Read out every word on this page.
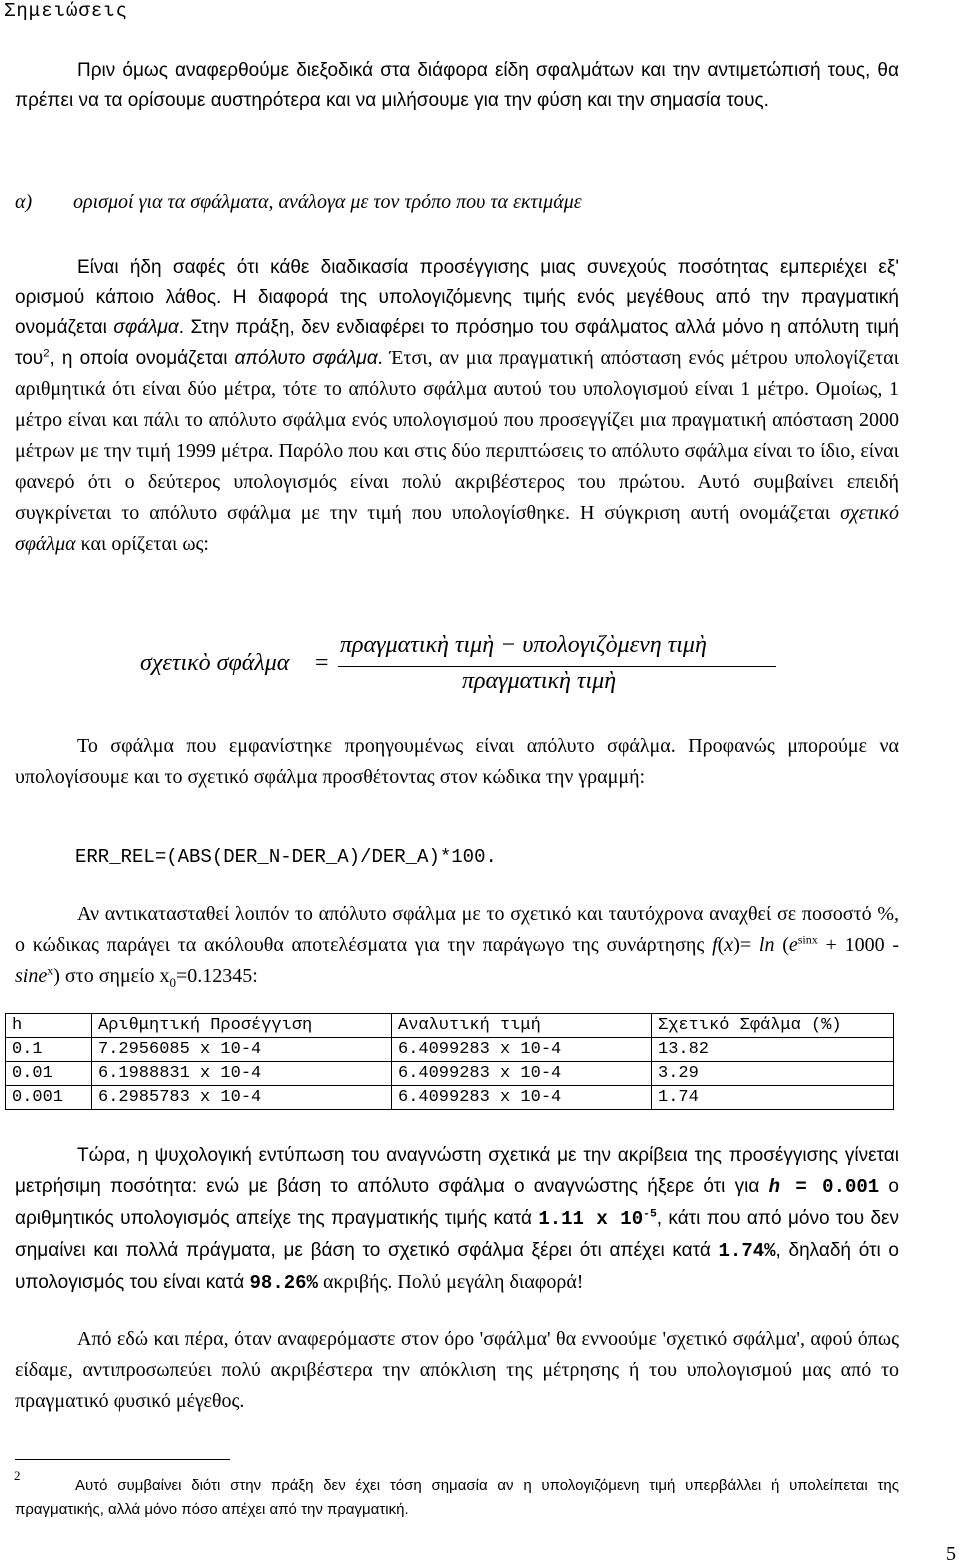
Σημειώσεις

Πριν όμως αναφερθούμε διεξοδικά στα διάφορα είδη σφαλμάτων και την αντιμετώπισή τους, θα πρέπει να τα ορίσουμε αυστηρότερα και να μιλήσουμε για την φύση και την σημασία τους.

α) ορισμοί για τα σφάλματα, ανάλογα με τον τρόπο που τα εκτιμάμε

Είναι ήδη σαφές ότι κάθε διαδικασία προσέγγισης μιας συνεχούς ποσότητας εμπεριέχει εξ' ορισμού κάποιο λάθος. Η διαφορά της υπολογιζόμενης τιμής ενός μεγέθους από την πραγματική ονομάζεται σφάλμα. Στην πράξη, δεν ενδιαφέρει το πρόσημο του σφάλματος αλλά μόνο η απόλυτη τιμή του$^2$, η οποία ονομάζεται απόλυτο σφάλμα. Έτσι, αν μια πραγματική απόσταση ενός μέτρου υπολογίζεται αριθμητικά ότι είναι δύο μέτρα, τότε το απόλυτο σφάλμα αυτού του υπολογισμού είναι 1 μέτρο. Ομοίως, 1 μέτρο είναι και πάλι το απόλυτο σφάλμα ενός υπολογισμού που προσεγγίζει μια πραγματική απόσταση 2000 μέτρων με την τιμή 1999 μέτρα. Παρόλο που και στις δύο περιπτώσεις το απόλυτο σφάλμα είναι το ίδιο, είναι φανερό ότι ο δεύτερος υπολογισμός είναι πολύ ακριβέστερος του πρώτου. Αυτό συμβαίνει επειδή συγκρίνεται το απόλυτο σφάλμα με την τιμή που υπολογίσθηκε. Η σύγκριση αυτή ονομάζεται σχετικό σφάλμα και ορίζεται ως:

σχετικὸ σφάλμα =
πραγματικὴ τιμὴ − υπολογιζὸμενη τιμὴ
πραγματικὴ τιμὴ

Το σφάλμα που εμφανίστηκε προηγουμένως είναι απόλυτο σφάλμα. Προφανώς μπορούμε να υπολογίσουμε και το σχετικό σφάλμα προσθέτοντας στον κώδικα την γραμμή:

ERR_REL=(ABS(DER_N-DER_A)/DER_A)*100.

Αν αντικατασταθεί λοιπόν το απόλυτο σφάλμα με το σχετικό και ταυτόχρονα αναχθεί σε ποσοστό %, ο κώδικας παράγει τα ακόλουθα αποτελέσματα για την παράγωγο της συνάρτησης $f(x)= \ln (e^{sinx} + 1000 - \sin e^x)$ στο σημείο $x_0=0.12345$:

h	Αριθμητική Προσέγγιση	Αναλυτική τιμή	Σχετικό Σφάλμα (%)
0.1	7.2956085 x 10-4	6.4099283 x 10-4	13.82
0.01	6.1988831 x 10-4	6.4099283 x 10-4	3.29
0.001	6.2985783 x 10-4	6.4099283 x 10-4	1.74

Τώρα, η ψυχολογική εντύπωση του αναγνώστη σχετικά με την ακρίβεια της προσέγγισης γίνεται μετρήσιμη ποσότητα: ενώ με βάση το απόλυτο σφάλμα ο αναγνώστης ήξερε ότι για h = 0.001 ο αριθμητικός υπολογισμός απείχε της πραγματικής τιμής κατά 1.11 x $10^{-5}$, κάτι που από μόνο του δεν σημαίνει και πολλά πράγματα, με βάση το σχετικό σφάλμα ξέρει ότι απέχει κατά 1.74%, δηλαδή ότι ο υπολογισμός του είναι κατά 98.26% ακριβής. Πολύ μεγάλη διαφορά!

Από εδώ και πέρα, όταν αναφερόμαστε στον όρο 'σφάλμα' θα εννοούμε 'σχετικό σφάλμα', αφού όπως είδαμε, αντιπροσωπεύει πολύ ακριβέστερα την απόκλιση της μέτρησης ή του υπολογισμού μας από το πραγματικό φυσικό μέγεθος.

2

Αυτό συμβαίνει διότι στην πράξη δεν έχει τόση σημασία αν η υπολογιζόμενη τιμή υπερβάλλει ή υπολείπεται της πραγματικής, αλλά μόνο πόσο απέχει από την πραγματική.

5
